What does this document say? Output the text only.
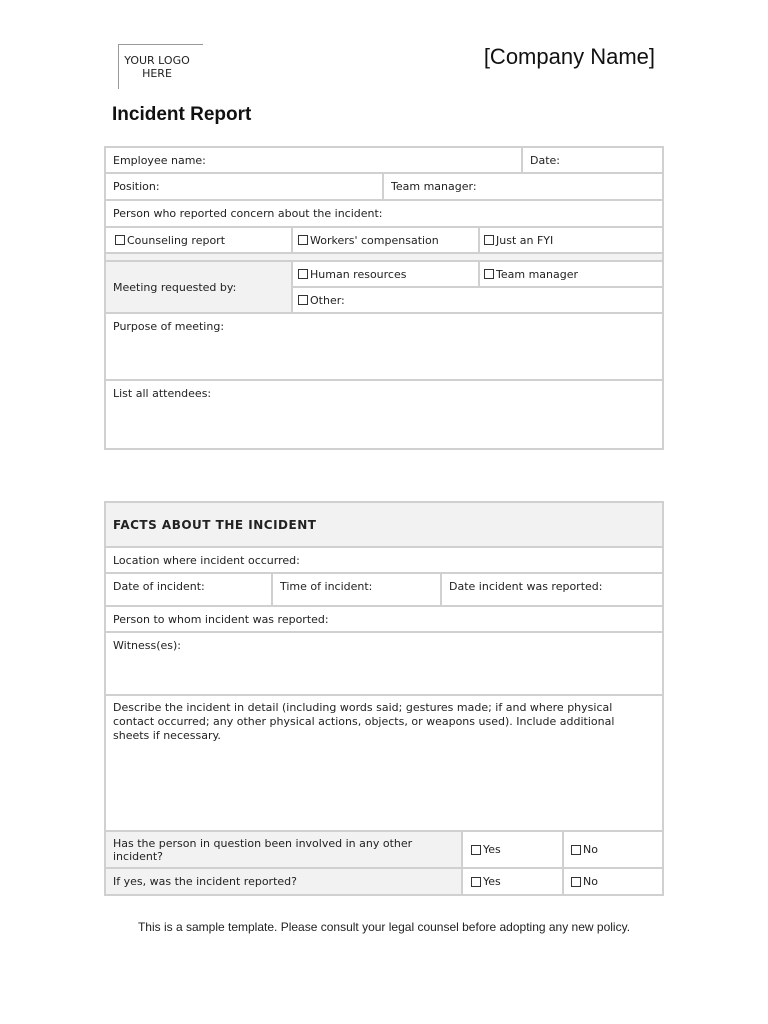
YOUR LOGO HERE
[Company Name]
Incident Report
Employee name:	Date:
Position:	Team manager:
Person who reported concern about the incident:
Counseling report	Workers' compensation	Just an FYI
Meeting requested by:
Human resources	Team manager
Other:
Purpose of meeting:
List all attendees:
FACTS ABOUT THE INCIDENT
Location where incident occurred:
Date of incident:	Time of incident:	Date incident was reported:
Person to whom incident was reported:
Witness(es):
Describe the incident in detail (including words said; gestures made; if and where physical contact occurred; any other physical actions, objects, or weapons used). Include additional sheets if necessary.
Has the person in question been involved in any other incident?	Yes	No
If yes, was the incident reported?	Yes	No
This is a sample template. Please consult your legal counsel before adopting any new policy.
